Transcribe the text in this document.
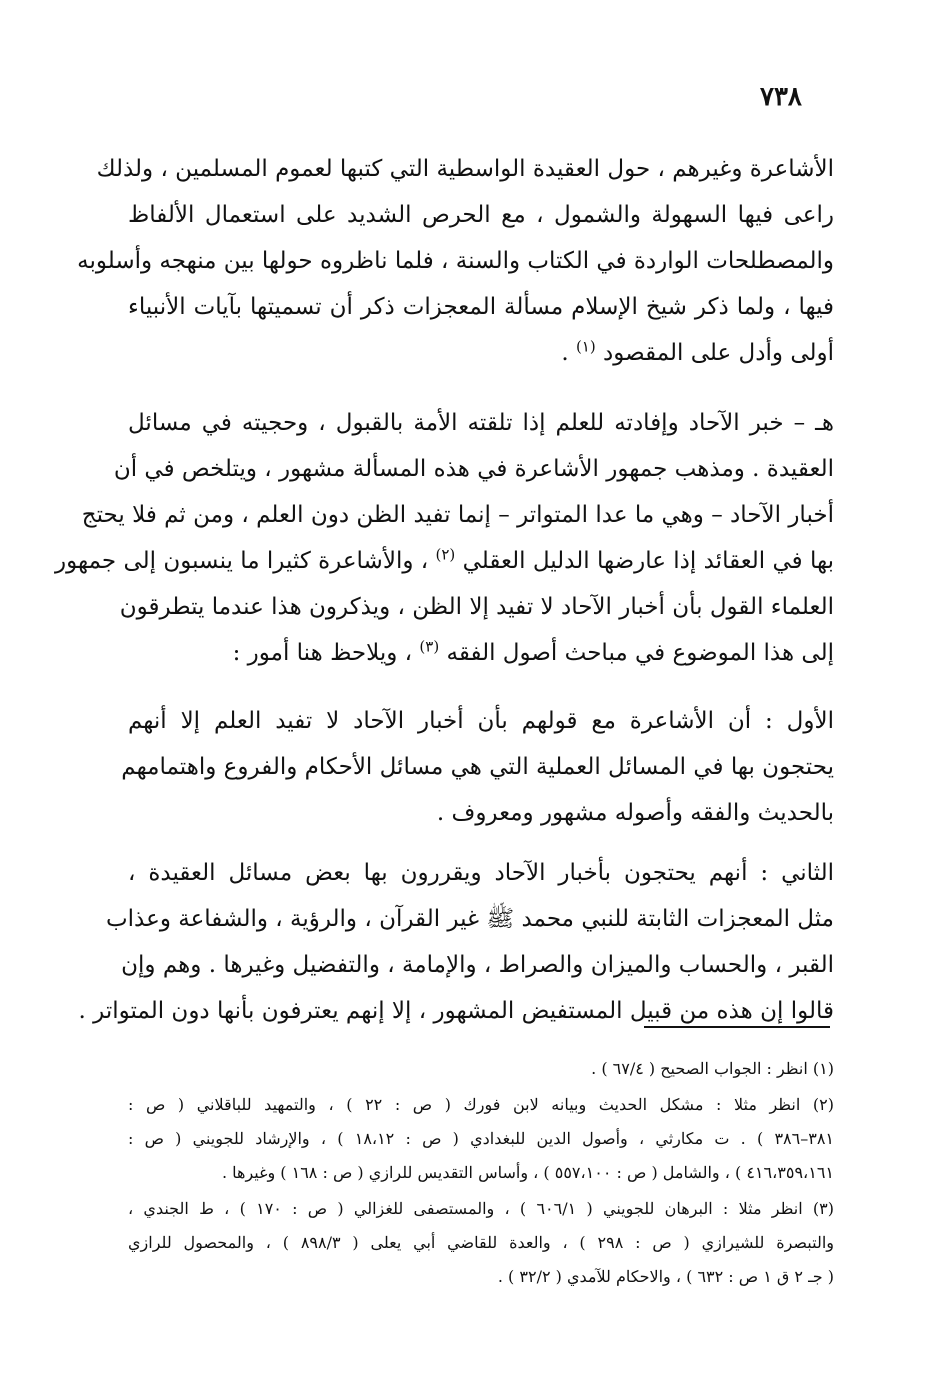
٧٣٨
الأشاعرة وغيرهم ، حول العقيدة الواسطية التي كتبها لعموم المسلمين ، ولذلك
راعى فيها السهولة والشمول ، مع الحرص الشديد على استعمال الألفاظ
والمصطلحات الواردة في الكتاب والسنة ، فلما ناظروه حولها بين منهجه وأسلوبه
فيها ، ولما ذكر شيخ الإسلام مسألة المعجزات ذكر أن تسميتها بآيات الأنبياء
أولى وأدل على المقصود $^{(١)}$ .
هـ – خبر الآحاد وإفادته للعلم إذا تلقته الأمة بالقبول ، وحجيته في مسائل
العقيدة . ومذهب جمهور الأشاعرة في هذه المسألة مشهور ، ويتلخص في أن
أخبار الآحاد – وهي ما عدا المتواتر – إنما تفيد الظن دون العلم ، ومن ثم فلا يحتج
بها في العقائد إذا عارضها الدليل العقلي $^{(٢)}$ ، والأشاعرة كثيرا ما ينسبون إلى جمهور
العلماء القول بأن أخبار الآحاد لا تفيد إلا الظن ، ويذكرون هذا عندما يتطرقون
إلى هذا الموضوع في مباحث أصول الفقه $^{(٣)}$ ، ويلاحظ هنا أمور :
الأول : أن الأشاعرة مع قولهم بأن أخبار الآحاد لا تفيد العلم إلا أنهم
يحتجون بها في المسائل العملية التي هي مسائل الأحكام والفروع واهتمامهم
بالحديث والفقه وأصوله مشهور ومعروف .
الثاني : أنهم يحتجون بأخبار الآحاد ويقررون بها بعض مسائل العقيدة ،
مثل المعجزات الثابتة للنبي محمد ﷺ غير القرآن ، والرؤية ، والشفاعة وعذاب
القبر ، والحساب والميزان والصراط ، والإمامة ، والتفضيل وغيرها . وهم وإن
قالوا إن هذه من قبيل المستفيض المشهور ، إلا إنهم يعترفون بأنها دون المتواتر .
(١) انظر : الجواب الصحيح ( ٦٧/٤ ) .
(٢) انظر مثلا : مشكل الحديث وبيانه لابن فورك ( ص : ٢٢ ) ، والتمهيد للباقلاني ( ص :
٣٨١–٣٨٦ ) . ت مكارثي ، وأصول الدين للبغدادي ( ص : ١٨،١٢ ) ، والإرشاد للجويني ( ص :
٤١٦،٣٥٩،١٦١ ) ، والشامل ( ص : ٥٥٧،١٠٠ ) ، وأساس التقديس للرازي ( ص : ١٦٨ ) وغيرها .
(٣) انظر مثلا : البرهان للجويني ( ٦٠٦/١ ) ، والمستصفى للغزالي ( ص : ١٧٠ ) ، ط الجندي ،
والتبصرة للشيرازي ( ص : ٢٩٨ ) ، والعدة للقاضي أبي يعلى ( ٨٩٨/٣ ) ، والمحصول للرازي
( جـ ٢ ق ١ ص : ٦٣٢ ) ، والاحكام للآمدي ( ٣٢/٢ ) .
